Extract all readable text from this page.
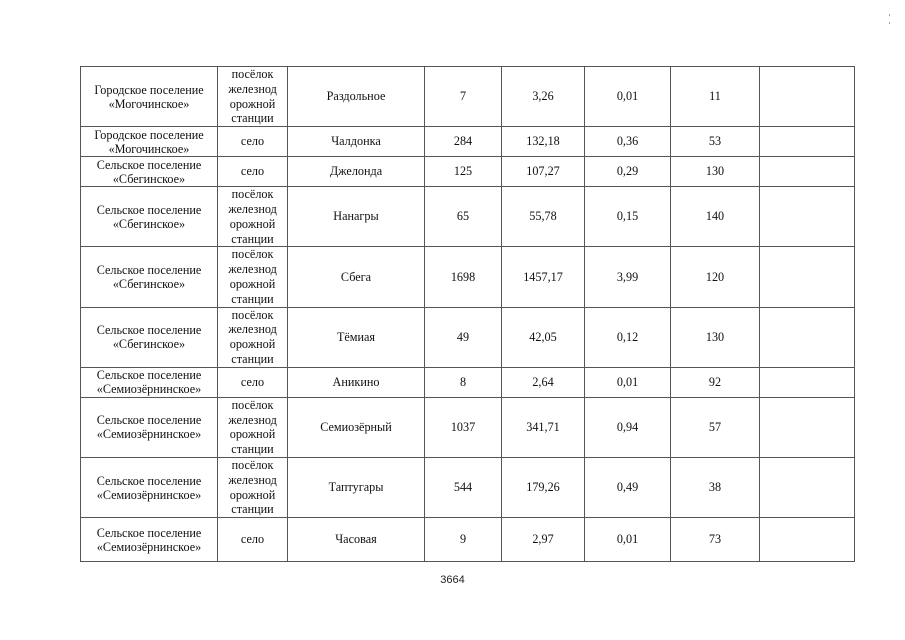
Городское поселение «Могочинское»	посёлок железнод орожной станции	Раздольное	7	3,26	0,01	11	
Городское поселение «Могочинское»	село	Чалдонка	284	132,18	0,36	53	
Сельское поселение «Сбегинское»	село	Джелонда	125	107,27	0,29	130	
Сельское поселение «Сбегинское»	посёлок железнод орожной станции	Нанагры	65	55,78	0,15	140	
Сельское поселение «Сбегинское»	посёлок железнод орожной станции	Сбега	1698	1457,17	3,99	120	
Сельское поселение «Сбегинское»	посёлок железнод орожной станции	Тёмиая	49	42,05	0,12	130	
Сельское поселение «Семиозёрнинское»	село	Аникино	8	2,64	0,01	92	
Сельское поселение «Семиозёрнинское»	посёлок железнод орожной станции	Семиозёрный	1037	341,71	0,94	57	
Сельское поселение «Семиозёрнинское»	посёлок железнод орожной станции	Таптугары	544	179,26	0,49	38	
Сельское поселение «Семиозёрнинское»	село	Часовая	9	2,97	0,01	73	
3664
